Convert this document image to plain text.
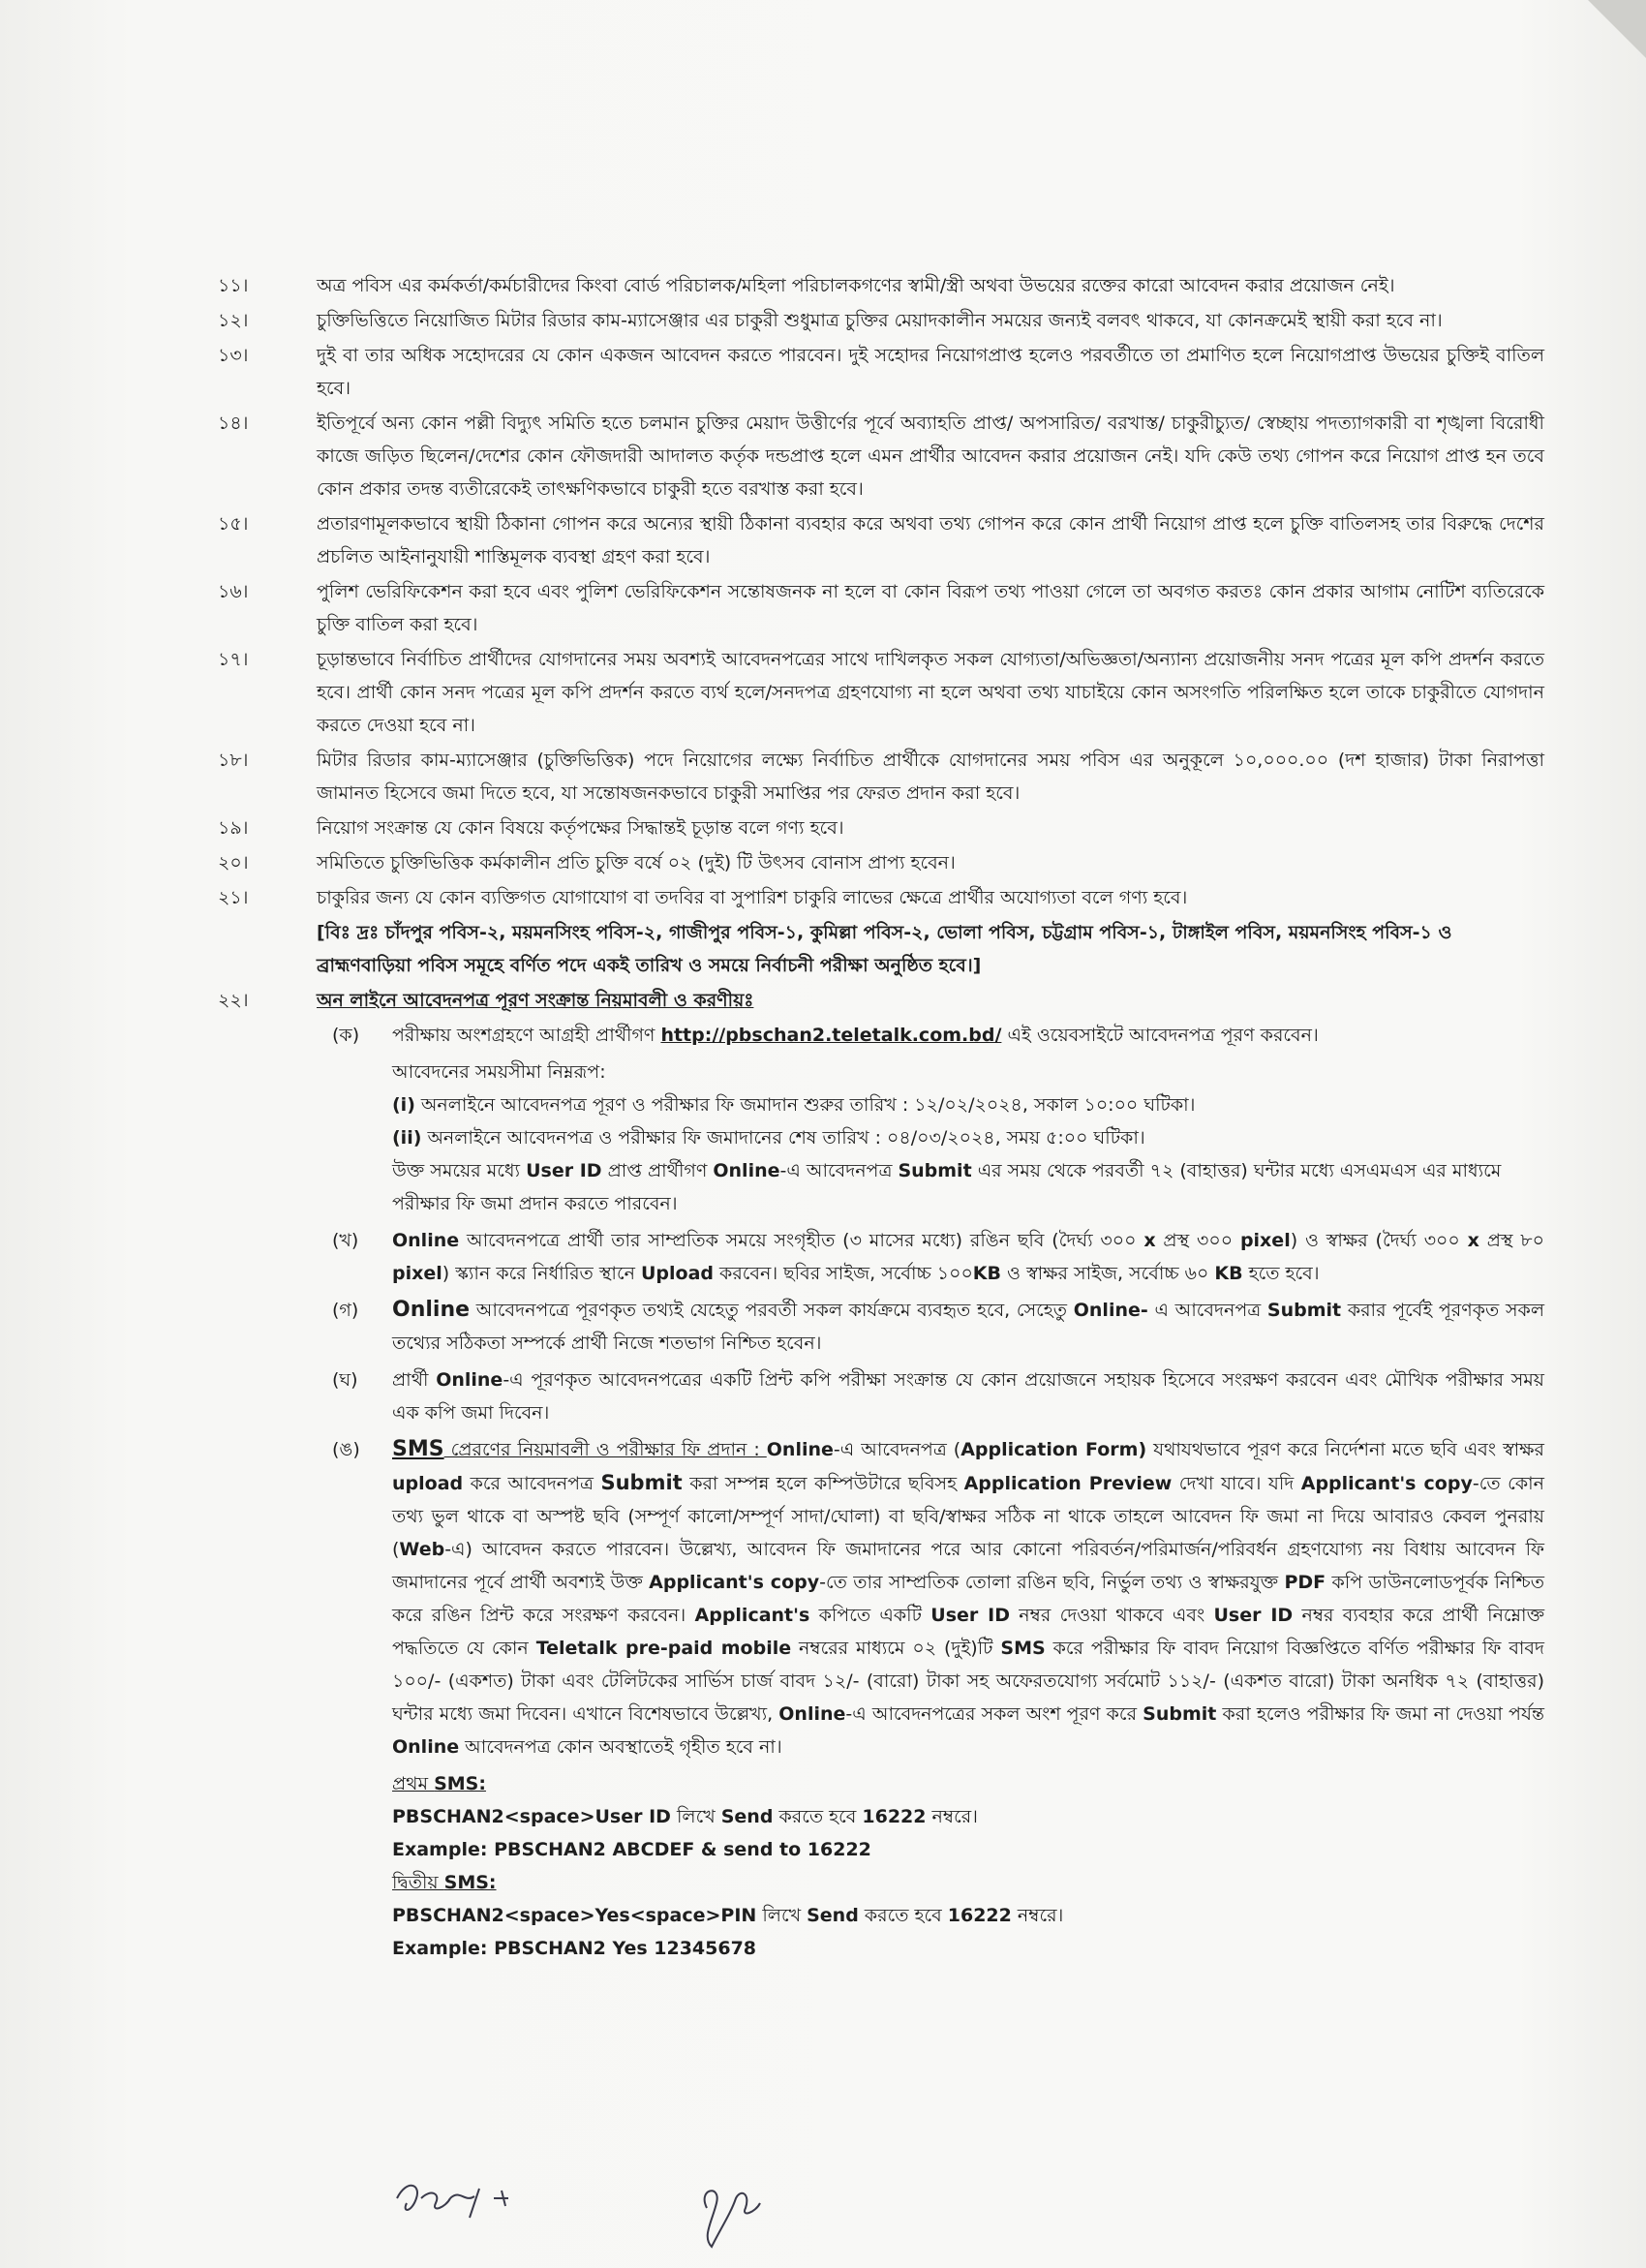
১১।	অত্র পবিস এর কর্মকর্তা/কর্মচারীদের কিংবা বোর্ড পরিচালক/মহিলা পরিচালকগণের স্বামী/স্ত্রী অথবা উভয়ের রক্তের কারো আবেদন করার প্রয়োজন নেই।
১২।	চুক্তিভিত্তিতে নিয়োজিত মিটার রিডার কাম-ম্যাসেঞ্জার এর চাকুরী শুধুমাত্র চুক্তির মেয়াদকালীন সময়ের জন্যই বলবৎ থাকবে, যা কোনক্রমেই স্থায়ী করা হবে না।
১৩।	দুই বা তার অধিক সহোদরের যে কোন একজন আবেদন করতে পারবেন। দুই সহোদর নিয়োগপ্রাপ্ত হলেও পরবর্তীতে তা প্রমাণিত হলে নিয়োগপ্রাপ্ত উভয়ের চুক্তিই বাতিল হবে।
১৪।	ইতিপূর্বে অন্য কোন পল্লী বিদ্যুৎ সমিতি হতে চলমান চুক্তির মেয়াদ উত্তীর্ণের পূর্বে অব্যাহতি প্রাপ্ত/ অপসারিত/ বরখাস্ত/ চাকুরীচ্যুত/ স্বেচ্ছায় পদত্যাগকারী বা শৃঙ্খলা বিরোধী কাজে জড়িত ছিলেন/দেশের কোন ফৌজদারী আদালত কর্তৃক দন্ডপ্রাপ্ত হলে এমন প্রার্থীর আবেদন করার প্রয়োজন নেই। যদি কেউ তথ্য গোপন করে নিয়োগ প্রাপ্ত হন তবে কোন প্রকার তদন্ত ব্যতীরেকেই তাৎক্ষণিকভাবে চাকুরী হতে বরখাস্ত করা হবে।
১৫।	প্রতারণামূলকভাবে স্থায়ী ঠিকানা গোপন করে অন্যের স্থায়ী ঠিকানা ব্যবহার করে অথবা তথ্য গোপন করে কোন প্রার্থী নিয়োগ প্রাপ্ত হলে চুক্তি বাতিলসহ তার বিরুদ্ধে দেশের প্রচলিত আইনানুযায়ী শাস্তিমূলক ব্যবস্থা গ্রহণ করা হবে।
১৬।	পুলিশ ভেরিফিকেশন করা হবে এবং পুলিশ ভেরিফিকেশন সন্তোষজনক না হলে বা কোন বিরূপ তথ্য পাওয়া গেলে তা অবগত করতঃ কোন প্রকার আগাম নোটিশ ব্যতিরেকে চুক্তি বাতিল করা হবে।
১৭।	চূড়ান্তভাবে নির্বাচিত প্রার্থীদের যোগদানের সময় অবশ্যই আবেদনপত্রের সাথে দাখিলকৃত সকল যোগ্যতা/অভিজ্ঞতা/অন্যান্য প্রয়োজনীয় সনদ পত্রের মূল কপি প্রদর্শন করতে হবে। প্রার্থী কোন সনদ পত্রের মূল কপি প্রদর্শন করতে ব্যর্থ হলে/সনদপত্র গ্রহণযোগ্য না হলে অথবা তথ্য যাচাইয়ে কোন অসংগতি পরিলক্ষিত হলে তাকে চাকুরীতে যোগদান করতে দেওয়া হবে না।
১৮।	মিটার রিডার কাম-ম্যাসেঞ্জার (চুক্তিভিত্তিক) পদে নিয়োগের লক্ষ্যে নির্বাচিত প্রার্থীকে যোগদানের সময় পবিস এর অনুকূলে ১০,০০০.০০ (দশ হাজার) টাকা নিরাপত্তা জামানত হিসেবে জমা দিতে হবে, যা সন্তোষজনকভাবে চাকুরী সমাপ্তির পর ফেরত প্রদান করা হবে।
১৯।	নিয়োগ সংক্রান্ত যে কোন বিষয়ে কর্তৃপক্ষের সিদ্ধান্তই চূড়ান্ত বলে গণ্য হবে।
২০।	সমিতিতে চুক্তিভিত্তিক কর্মকালীন প্রতি চুক্তি বর্ষে ০২ (দুই) টি উৎসব বোনাস প্রাপ্য হবেন।
২১।	চাকুরির জন্য যে কোন ব্যক্তিগত যোগাযোগ বা তদবির বা সুপারিশ চাকুরি লাভের ক্ষেত্রে প্রার্থীর অযোগ্যতা বলে গণ্য হবে।
[বিঃ দ্রঃ চাঁদপুর পবিস-২, ময়মনসিংহ পবিস-২, গাজীপুর পবিস-১, কুমিল্লা পবিস-২, ভোলা পবিস, চট্টগ্রাম পবিস-১, টাঙ্গাইল পবিস, ময়মনসিংহ পবিস-১ ও ব্রাহ্মণবাড়িয়া পবিস সমূহে বর্ণিত পদে একই তারিখ ও সময়ে নির্বাচনী পরীক্ষা অনুষ্ঠিত হবে।]
২২।	অন লাইনে আবেদনপত্র পূরণ সংক্রান্ত নিয়মাবলী ও করণীয়ঃ
(ক)	পরীক্ষায় অংশগ্রহণে আগ্রহী প্রার্থীগণ http://pbschan2.teletalk.com.bd/ এই ওয়েবসাইটে আবেদনপত্র পূরণ করবেন।
আবেদনের সময়সীমা নিম্নরূপ:
(i) অনলাইনে আবেদনপত্র পূরণ ও পরীক্ষার ফি জমাদান শুরুর তারিখ : ১২/০২/২০২৪, সকাল ১০:০০ ঘটিকা।
(ii) অনলাইনে আবেদনপত্র ও পরীক্ষার ফি জমাদানের শেষ তারিখ : ০৪/০৩/২০২৪, সময় ৫:০০ ঘটিকা।
উক্ত সময়ের মধ্যে User ID প্রাপ্ত প্রার্থীগণ Online-এ আবেদনপত্র Submit এর সময় থেকে পরবর্তী ৭২ (বাহাত্তর) ঘন্টার মধ্যে এসএমএস এর মাধ্যমে পরীক্ষার ফি জমা প্রদান করতে পারবেন।
(খ)	Online আবেদনপত্রে প্রার্থী তার সাম্প্রতিক সময়ে সংগৃহীত (৩ মাসের মধ্যে) রঙিন ছবি (দৈর্ঘ্য ৩০০ x প্রস্থ ৩০০ pixel) ও স্বাক্ষর (দৈর্ঘ্য ৩০০ x প্রস্থ ৮০ pixel) স্ক্যান করে নির্ধারিত স্থানে Upload করবেন। ছবির সাইজ, সর্বোচ্চ ১০০KB ও স্বাক্ষর সাইজ, সর্বোচ্চ ৬০ KB হতে হবে।
(গ)	Online আবেদনপত্রে পূরণকৃত তথ্যই যেহেতু পরবর্তী সকল কার্যক্রমে ব্যবহৃত হবে, সেহেতু Online- এ আবেদনপত্র Submit করার পূর্বেই পূরণকৃত সকল তথ্যের সঠিকতা সম্পর্কে প্রার্থী নিজে শতভাগ নিশ্চিত হবেন।
(ঘ)	প্রার্থী Online-এ পূরণকৃত আবেদনপত্রের একটি প্রিন্ট কপি পরীক্ষা সংক্রান্ত যে কোন প্রয়োজনে সহায়ক হিসেবে সংরক্ষণ করবেন এবং মৌখিক পরীক্ষার সময় এক কপি জমা দিবেন।
(ঙ)	SMS প্রেরণের নিয়মাবলী ও পরীক্ষার ফি প্রদান : Online-এ আবেদনপত্র (Application Form) যথাযথভাবে পূরণ করে নির্দেশনা মতে ছবি এবং স্বাক্ষর upload করে আবেদনপত্র Submit করা সম্পন্ন হলে কম্পিউটারে ছবিসহ Application Preview দেখা যাবে। যদি Applicant's copy-তে কোন তথ্য ভুল থাকে বা অস্পষ্ট ছবি (সম্পূর্ণ কালো/সম্পূর্ণ সাদা/ঘোলা) বা ছবি/স্বাক্ষর সঠিক না থাকে তাহলে আবেদন ফি জমা না দিয়ে আবারও কেবল পুনরায় (Web-এ) আবেদন করতে পারবেন। উল্লেখ্য, আবেদন ফি জমাদানের পরে আর কোনো পরিবর্তন/পরিমার্জন/পরিবর্ধন গ্রহণযোগ্য নয় বিধায় আবেদন ফি জমাদানের পূর্বে প্রার্থী অবশ্যই উক্ত Applicant's copy-তে তার সাম্প্রতিক তোলা রঙিন ছবি, নির্ভুল তথ্য ও স্বাক্ষরযুক্ত PDF কপি ডাউনলোডপূর্বক নিশ্চিত করে রঙিন প্রিন্ট করে সংরক্ষণ করবেন। Applicant's কপিতে একটি User ID নম্বর দেওয়া থাকবে এবং User ID নম্বর ব্যবহার করে প্রার্থী নিম্নোক্ত পদ্ধতিতে যে কোন Teletalk pre-paid mobile নম্বরের মাধ্যমে ০২ (দুই)টি SMS করে পরীক্ষার ফি বাবদ নিয়োগ বিজ্ঞপ্তিতে বর্ণিত পরীক্ষার ফি বাবদ ১০০/- (একশত) টাকা এবং টেলিটকের সার্ভিস চার্জ বাবদ ১২/- (বারো) টাকা সহ অফেরতযোগ্য সর্বমোট ১১২/- (একশত বারো) টাকা অনধিক ৭২ (বাহাত্তর) ঘন্টার মধ্যে জমা দিবেন। এখানে বিশেষভাবে উল্লেখ্য, Online-এ আবেদনপত্রের সকল অংশ পূরণ করে Submit করা হলেও পরীক্ষার ফি জমা না দেওয়া পর্যন্ত Online আবেদনপত্র কোন অবস্থাতেই গৃহীত হবে না।
প্রথম SMS:
PBSCHAN2<space>User ID লিখে Send করতে হবে 16222 নম্বরে।
Example: PBSCHAN2 ABCDEF & send to 16222
দ্বিতীয় SMS:
PBSCHAN2<space>Yes<space>PIN লিখে Send করতে হবে 16222 নম্বরে।
Example: PBSCHAN2 Yes 12345678
